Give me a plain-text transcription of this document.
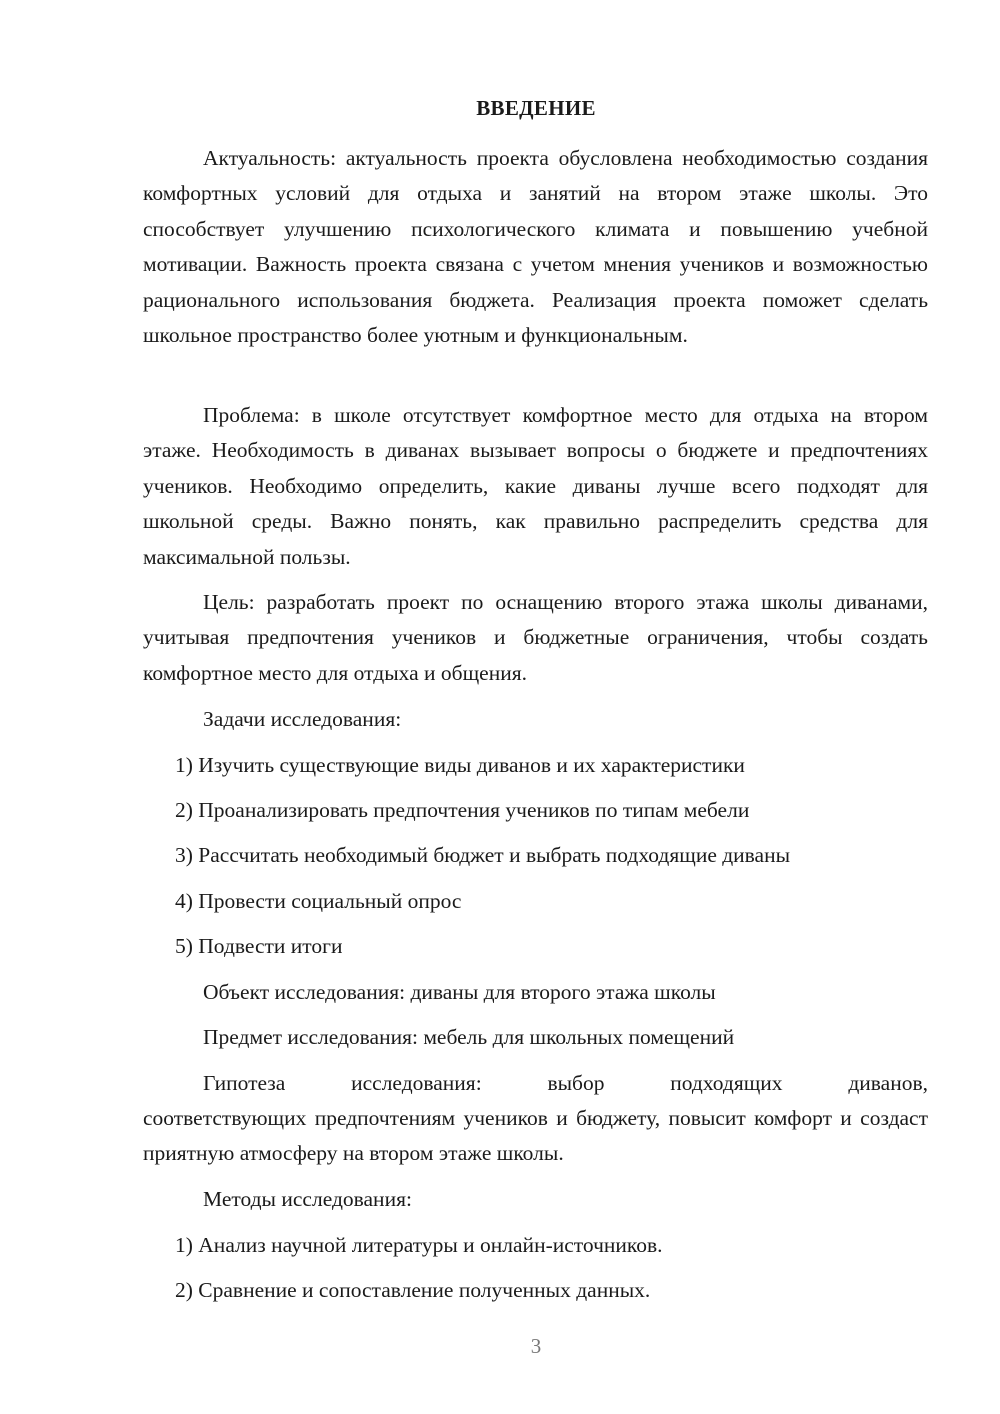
ВВЕДЕНИЕ

Актуальность: актуальность проекта обусловлена необходимостью создания комфортных условий для отдыха и занятий на втором этаже школы. Это способствует улучшению психологического климата и повышению учебной мотивации. Важность проекта связана с учетом мнения учеников и возможностью рационального использования бюджета. Реализация проекта поможет сделать школьное пространство более уютным и функциональным.

Проблема: в школе отсутствует комфортное место для отдыха на втором этаже. Необходимость в диванах вызывает вопросы о бюджете и предпочтениях учеников. Необходимо определить, какие диваны лучше всего подходят для школьной среды. Важно понять, как правильно распределить средства для максимальной пользы.

Цель: разработать проект по оснащению второго этажа школы диванами, учитывая предпочтения учеников и бюджетные ограничения, чтобы создать комфортное место для отдыха и общения.

Задачи исследования:
1) Изучить существующие виды диванов и их характеристики
2) Проанализировать предпочтения учеников по типам мебели
3) Рассчитать необходимый бюджет и выбрать подходящие диваны
4) Провести социальный опрос
5) Подвести итоги
Объект исследования: диваны для второго этажа школы
Предмет исследования: мебель для школьных помещений
Гипотеза	исследования:	выбор	подходящих	диванов,

соответствующих предпочтениям учеников и бюджету, повысит комфорт и создаст приятную атмосферу на втором этаже школы.

Методы исследования:
1) Анализ научной литературы и онлайн-источников.
2) Сравнение и сопоставление полученных данных.
3
